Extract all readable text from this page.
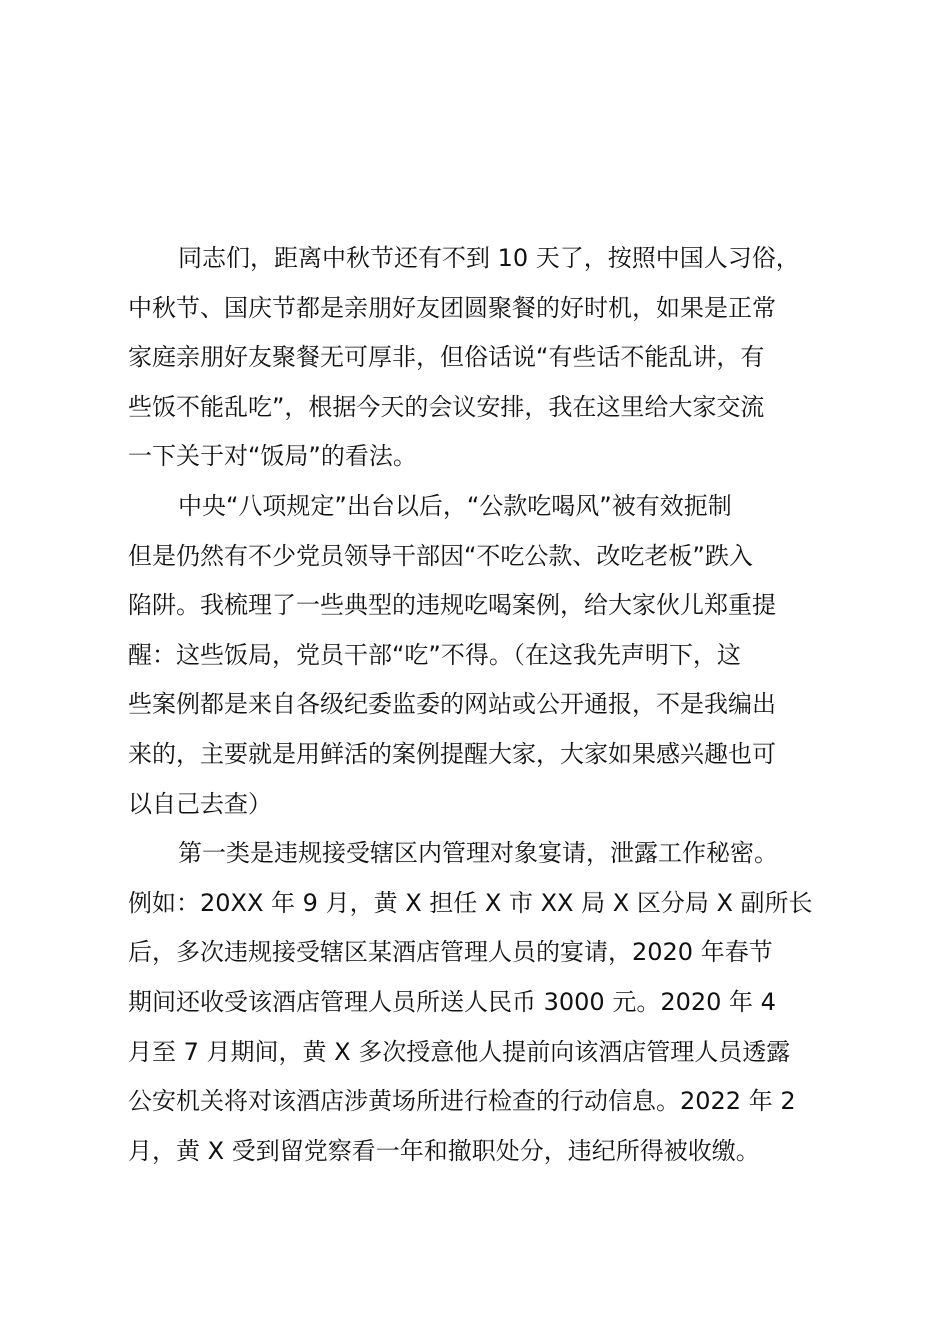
同志们，距离中秋节还有不到 10 天了，按照中国人习俗，
中秋节、国庆节都是亲朋好友团圆聚餐的好时机，如果是正常
家庭亲朋好友聚餐无可厚非，但俗话说“有些话不能乱讲，有
些饭不能乱吃”，根据今天的会议安排，我在这里给大家交流
一下关于对“饭局”的看法。
中央“八项规定”出台以后，“公款吃喝风”被有效扼制
但是仍然有不少党员领导干部因“不吃公款、改吃老板”跌入
陷阱。我梳理了一些典型的违规吃喝案例，给大家伙儿郑重提
醒：这些饭局，党员干部“吃”不得。（在这我先声明下，这
些案例都是来自各级纪委监委的网站或公开通报，不是我编出
来的，主要就是用鲜活的案例提醒大家，大家如果感兴趣也可
以自己去查）
第一类是违规接受辖区内管理对象宴请，泄露工作秘密。
例如：20XX 年 9 月，黄 X 担任 X 市 XX 局 X 区分局 X 副所长
后，多次违规接受辖区某酒店管理人员的宴请，2020 年春节
期间还收受该酒店管理人员所送人民币 3000 元。2020 年 4
月至 7 月期间，黄 X 多次授意他人提前向该酒店管理人员透露
公安机关将对该酒店涉黄场所进行检查的行动信息。2022 年 2
月，黄 X 受到留党察看一年和撤职处分，违纪所得被收缴。
